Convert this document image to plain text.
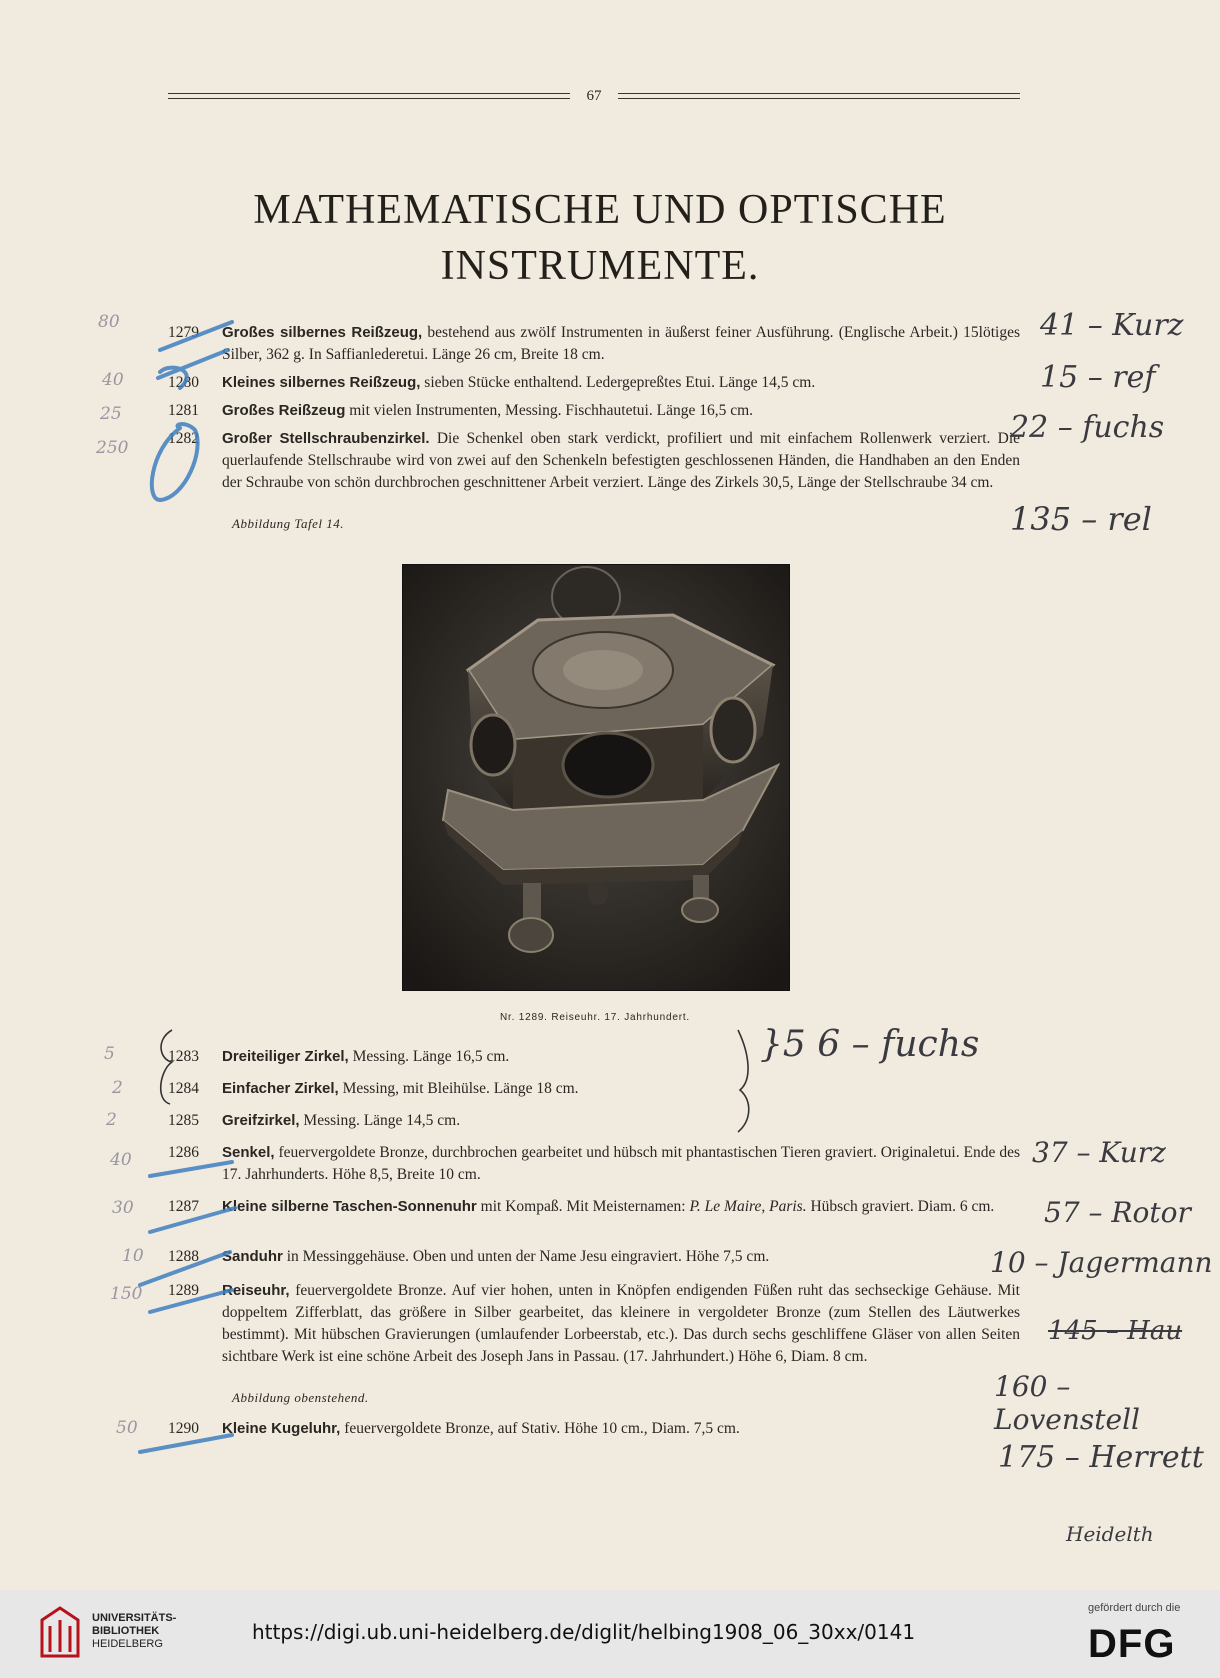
67
MATHEMATISCHE UND OPTISCHE
INSTRUMENTE.
1279	Großes silbernes Reißzeug, bestehend aus zwölf Instrumenten in äußerst feiner Ausführung. (Englische Arbeit.) 15lötiges Silber, 362 g. In Saffianlederetui. Länge 26 cm, Breite 18 cm.
1280	Kleines silbernes Reißzeug, sieben Stücke enthaltend. Ledergepreßtes Etui. Länge 14,5 cm.
1281	Großes Reißzeug mit vielen Instrumenten, Messing. Fischhautetui. Länge 16,5 cm.
1282	Großer Stellschraubenzirkel. Die Schenkel oben stark verdickt, profiliert und mit einfachem Rollenwerk verziert. Die querlaufende Stellschraube wird von zwei auf den Schenkeln befestigten geschlossenen Händen, die Handhaben an den Enden der Schraube von schön durchbrochen geschnittener Arbeit verziert. Länge des Zirkels 30,5, Länge der Stellschraube 34 cm.
Abbildung Tafel 14.
Nr. 1289. Reiseuhr. 17. Jahrhundert.
1283	Dreiteiliger Zirkel, Messing. Länge 16,5 cm.
1284	Einfacher Zirkel, Messing, mit Bleihülse. Länge 18 cm.
1285	Greifzirkel, Messing. Länge 14,5 cm.
1286	Senkel, feuervergoldete Bronze, durchbrochen gearbeitet und hübsch mit phantastischen Tieren graviert. Originaletui. Ende des 17. Jahrhunderts. Höhe 8,5, Breite 10 cm.
1287	Kleine silberne Taschen-Sonnenuhr mit Kompaß. Mit Meisternamen: P. Le Maire, Paris. Hübsch graviert. Diam. 6 cm.
1288	Sanduhr in Messinggehäuse. Oben und unten der Name Jesu eingraviert. Höhe 7,5 cm.
1289	Reiseuhr, feuervergoldete Bronze. Auf vier hohen, unten in Knöpfen endigenden Füßen ruht das sechseckige Gehäuse. Mit doppeltem Zifferblatt, das größere in Silber gearbeitet, das kleinere in vergoldeter Bronze (zum Stellen des Läutwerkes bestimmt). Mit hübschen Gravierungen (umlaufender Lorbeerstab, etc.). Das durch sechs geschliffene Gläser von allen Seiten sichtbare Werk ist eine schöne Arbeit des Joseph Jans in Passau. (17. Jahrhundert.) Höhe 6, Diam. 8 cm.
Abbildung obenstehend.
1290	Kleine Kugeluhr, feuervergoldete Bronze, auf Stativ. Höhe 10 cm., Diam. 7,5 cm.
80
40
25
250
5
2
2
40
30
10
150
50
41 – Kurz
15 – ref
22 – fuchs
135 – rel
}5 6 – fuchs
37 – Kurz
57 – Rotor
10 – Jagermann
145 – Hau
160 – Lovenstell
175 – Herrett
Heidelth
UNIVERSITÄTS-
BIBLIOTHEK
HEIDELBERG	https://digi.ub.uni-heidelberg.de/diglit/helbing1908_06_30xx/0141
gefördert durch die
DFG
